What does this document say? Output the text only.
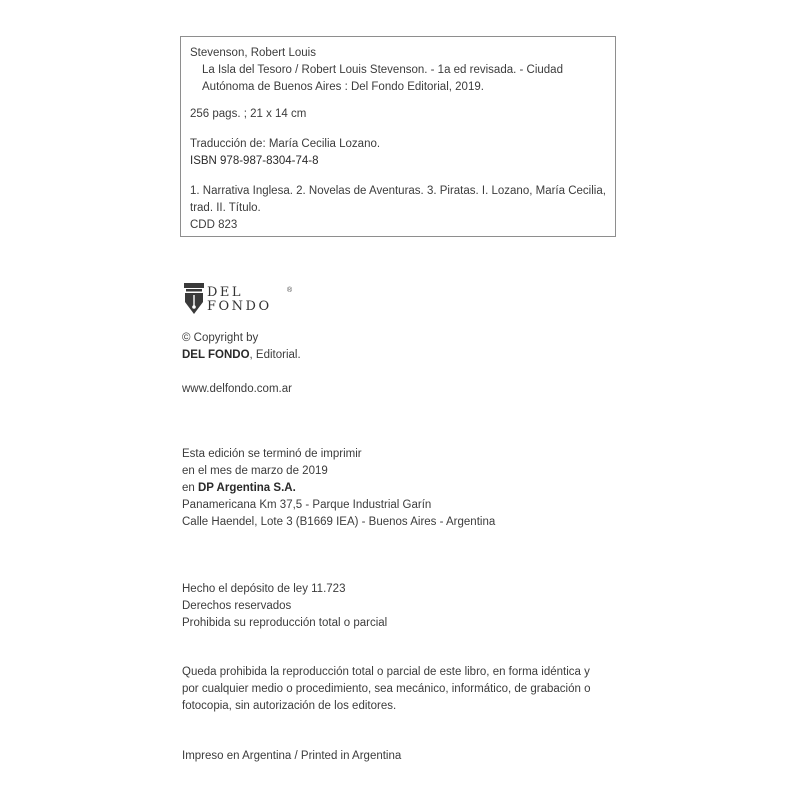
Stevenson, Robert Louis

La Isla del Tesoro / Robert Louis Stevenson. - 1a ed revisada. - Ciudad

Autónoma de Buenos Aires : Del Fondo Editorial, 2019.

256 pags. ; 21 x 14 cm

Traducción de: María Cecilia Lozano.

ISBN 978-987-8304-74-8

1. Narrativa Inglesa. 2. Novelas de Aventuras. 3. Piratas. I. Lozano, María Cecilia,

trad. II. Título.

CDD 823

DEL
FONDO
®

© Copyright by

DEL FONDO, Editorial.

www.delfondo.com.ar

Esta edición se terminó de imprimir

en el mes de marzo de 2019

en DP Argentina S.A.

Panamericana Km 37,5 - Parque Industrial Garín

Calle Haendel, Lote 3 (B1669 IEA) - Buenos Aires - Argentina

Hecho el depósito de ley 11.723

Derechos reservados

Prohibida su reproducción total o parcial

Queda prohibida la reproducción total o parcial de este libro, en forma idéntica y

por cualquier medio o procedimiento, sea mecánico, informático, de grabación o

fotocopia, sin autorización de los editores.

Impreso en Argentina / Printed in Argentina
